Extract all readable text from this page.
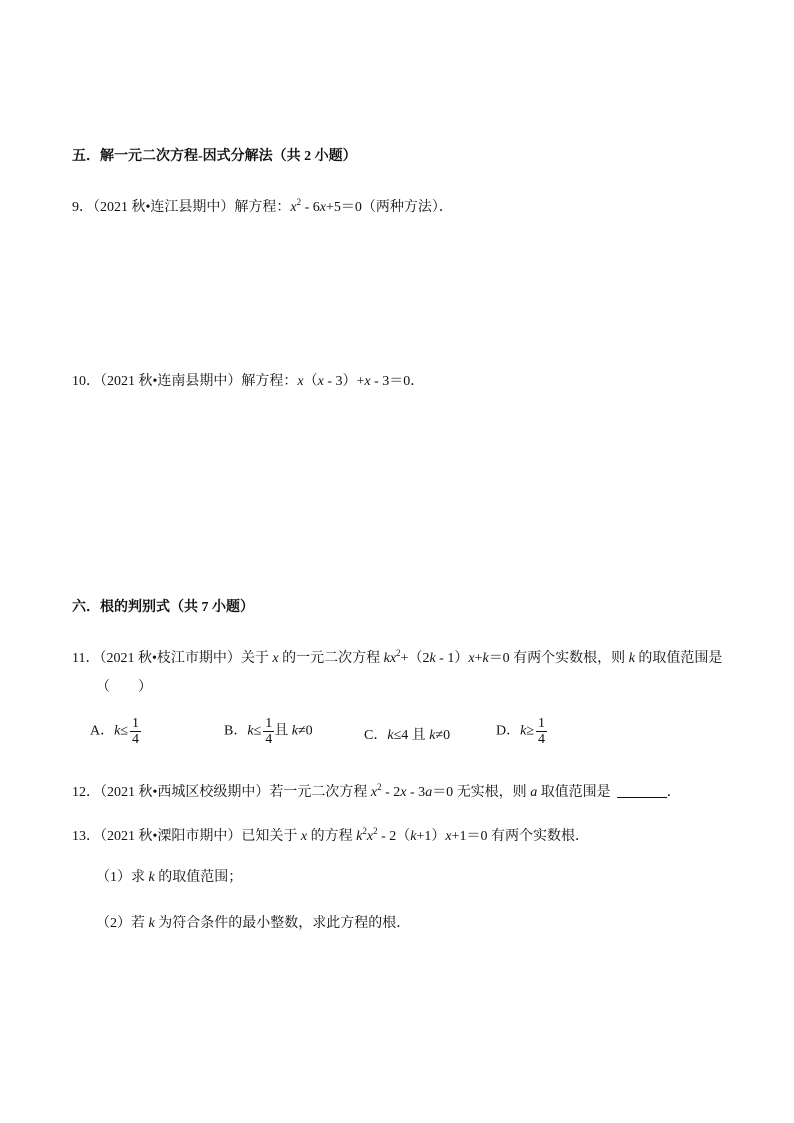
五．解一元二次方程-因式分解法（共 2 小题）
9．（2021 秋•连江县期中）解方程：$x^2 - 6x+5=0$（两种方法）．
10．（2021 秋•连南县期中）解方程：x（x - 3）+x - 3＝0．
六．根的判别式（共 7 小题）
11．（2021 秋•枝江市期中）关于 x 的一元二次方程 $kx^2+(2k - 1)x+k=0$ 有两个实数根，则 k 的取值范围是
（　　）
A．$k\le \frac{1}{4}$	B．$k\le \frac{1}{4}$ 且 k≠0	C．k≤4 且 k≠0	D．$k\ge \frac{1}{4}$
12．（2021 秋•西城区校级期中）若一元二次方程 $x^2 - 2x - 3a=0$ 无实根，则 a 取值范围是	．
13．（2021 秋•溧阳市期中）已知关于 x 的方程 $k^2x^2 - 2(k+1)x+1=0$ 有两个实数根．
（1）求 k 的取值范围；
（2）若 k 为符合条件的最小整数，求此方程的根．
